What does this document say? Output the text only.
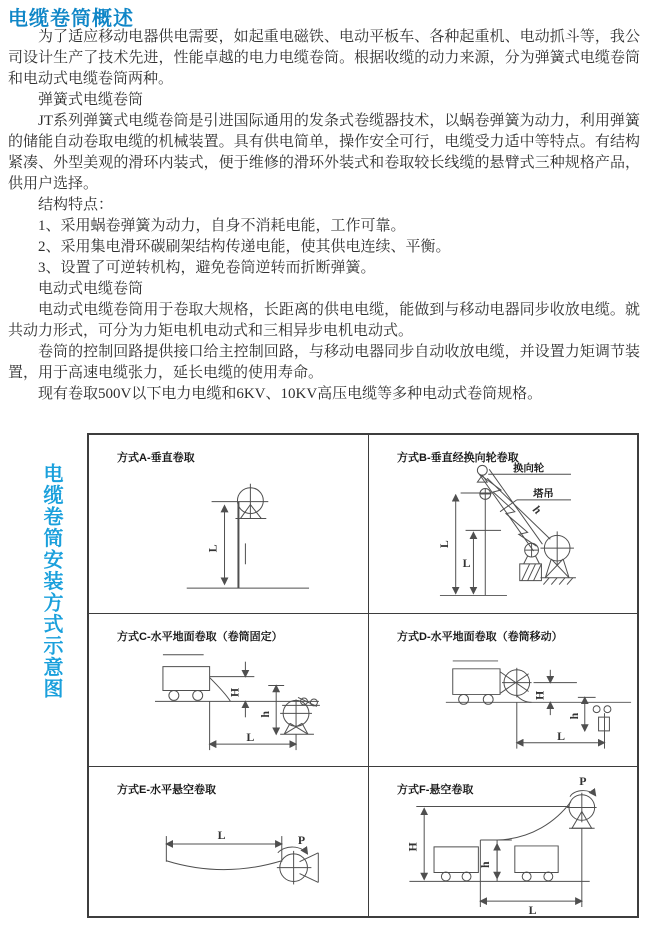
电缆卷筒概述

为了适应移动电器供电需要，如起重电磁铁、电动平板车、各种起重机、电动抓斗等，我公司设计生产了技术先进，性能卓越的电力电缆卷筒。根据收缆的动力来源，分为弹簧式电缆卷筒和电动式电缆卷筒两种。

弹簧式电缆卷筒

JT系列弹簧式电缆卷筒是引进国际通用的发条式卷缆器技术，以蜗卷弹簧为动力，利用弹簧的储能自动卷取电缆的机械装置。具有供电简单，操作安全可行，电缆受力适中等特点。有结构紧凑、外型美观的滑环内装式，便于维修的滑环外装式和卷取较长线缆的悬臂式三种规格产品，供用户选择。

结构特点：

1、采用蜗卷弹簧为动力，自身不消耗电能，工作可靠。

2、采用集电滑环碳刷架结构传递电能，使其供电连续、平衡。

3、设置了可逆转机构，避免卷筒逆转而折断弹簧。

电动式电缆卷筒

电动式电缆卷筒用于卷取大规格，长距离的供电电缆，能做到与移动电器同步收放电缆。就共动力形式，可分为力矩电机电动式和三相异步电机电动式。

卷筒的控制回路提供接口给主控制回路，与移动电器同步自动收放电缆，并设置力矩调节装置，用于高速电缆张力，延长电缆的使用寿命。

现有卷取500V以下电力电缆和6KV、10KV高压电缆等多种电动式卷筒规格。

电缆卷筒安装方式示意图	L
方式A-垂直卷取
换向轮
塔吊
h
L
L
方式B-垂直经换向轮卷取
H
h
L
方式C-水平地面卷取（卷筒固定）
H
h
L
方式D-水平地面卷取（卷筒移动）
L	P
方式E-水平悬空卷取
H
h
L
P
方式F-悬空卷取
